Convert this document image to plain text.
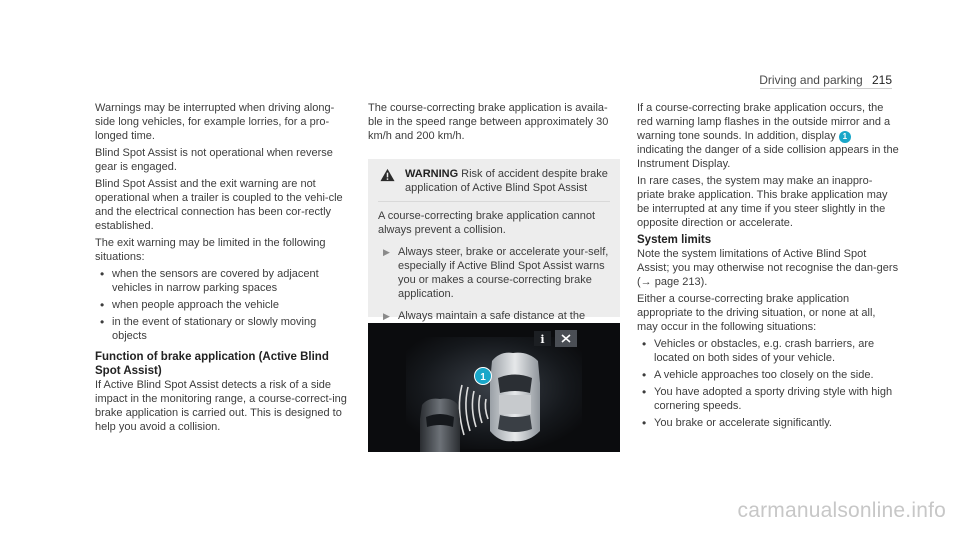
Driving and parking 215

Warnings may be interrupted when driving along-side long vehicles, for example lorries, for a pro-longed time.

Blind Spot Assist is not operational when reverse gear is engaged.

Blind Spot Assist and the exit warning are not operational when a trailer is coupled to the vehi-cle and the electrical connection has been cor-rectly established.

The exit warning may be limited in the following situations:

• when the sensors are covered by adjacent vehicles in narrow parking spaces
• when people approach the vehicle
• in the event of stationary or slowly moving objects
Function of brake application (Active Blind Spot Assist)

If Active Blind Spot Assist detects a risk of a side impact in the monitoring range, a course-correct-ing brake application is carried out. This is designed to help you avoid a collision.

The course-correcting brake application is availa-ble in the speed range between approximately 30 km/h and 200 km/h.

WARNING Risk of accident despite brake application of Active Blind Spot Assist
A course-correcting brake application cannot always prevent a collision.
▶ Always steer, brake or accelerate your-self, especially if Active Blind Spot Assist warns you or makes a course-correcting brake application.
▶ Always maintain a safe distance at the
i
1

If a course-correcting brake application occurs, the red warning lamp flashes in the outside mirror and a warning tone sounds. In addition, display 1 indicating the danger of a side collision appears in the Instrument Display.

In rare cases, the system may make an inappro-priate brake application. This brake application may be interrupted at any time if you steer slightly in the opposite direction or accelerate.

System limits

Note the system limitations of Active Blind Spot Assist; you may otherwise not recognise the dan-gers (→ page 213).

Either a course-correcting brake application appropriate to the driving situation, or none at all, may occur in the following situations:

• Vehicles or obstacles, e.g. crash barriers, are located on both sides of your vehicle.
• A vehicle approaches too closely on the side.
• You have adopted a sporty driving style with high cornering speeds.
• You brake or accelerate significantly.
carmanualsonline.info
